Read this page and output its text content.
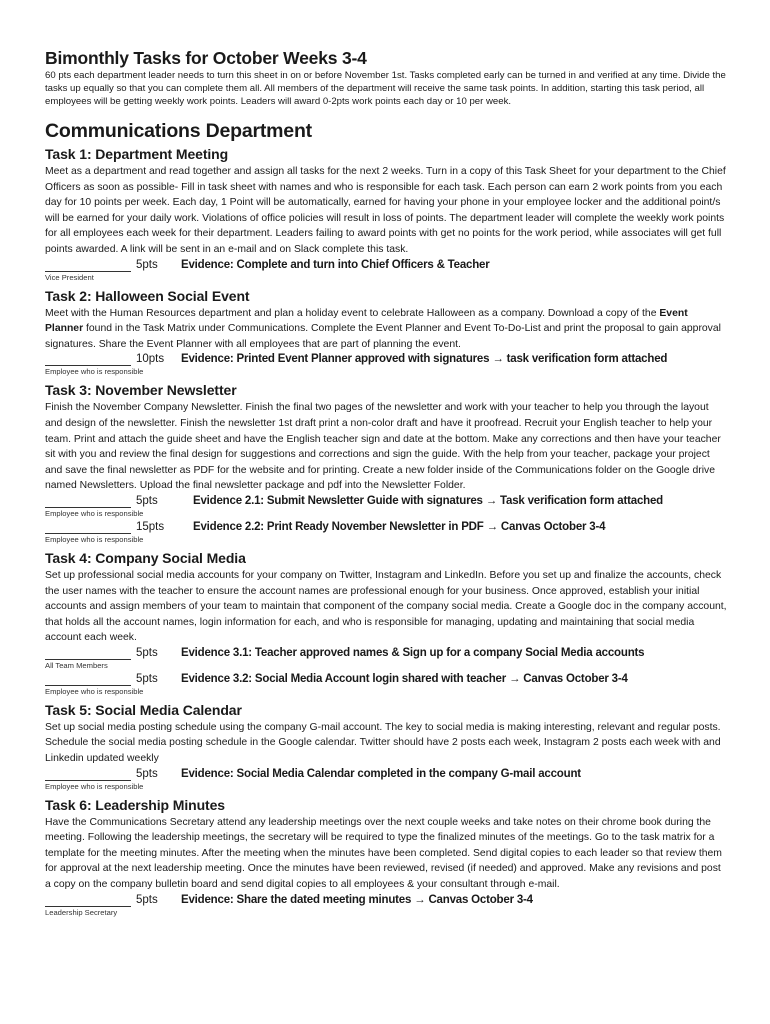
Bimonthly Tasks for October Weeks 3-4

60 pts each department leader needs to turn this sheet in on or before November 1st. Tasks completed early can be turned in and verified at any time. Divide the tasks up equally so that you can complete them all. All members of the department will receive the same task points. In addition, starting this task period, all employees will be getting weekly work points. Leaders will award 0-2pts work points each day or 10 per week.

Communications Department
Task 1: Department Meeting

Meet as a department and read together and assign all tasks for the next 2 weeks. Turn in a copy of this Task Sheet for your department to the Chief Officers as soon as possible- Fill in task sheet with names and who is responsible for each task. Each person can earn 2 work points from you each day for 10 points per week. Each day, 1 Point will be automatically, earned for having your phone in your employee locker and the additional point/s will be earned for your daily work. Violations of office policies will result in loss of points. The department leader will complete the weekly work points for all employees each week for their department. Leaders failing to award points with get no points for the work period, while associates will get full points awarded. A link will be sent in an e-mail and on Slack complete this task.

5pts Evidence: Complete and turn into Chief Officers & Teacher
Vice President
Task 2: Halloween Social Event

Meet with the Human Resources department and plan a holiday event to celebrate Halloween as a company. Download a copy of the Event Planner found in the Task Matrix under Communications. Complete the Event Planner and Event To-Do-List and print the proposal to gain approval signatures. Share the Event Planner with all employees that are part of planning the event.

10pts Evidence: Printed Event Planner approved with signatures → task verification form attached
Employee who is responsible
Task 3: November Newsletter

Finish the November Company Newsletter. Finish the final two pages of the newsletter and work with your teacher to help you through the layout and design of the newsletter. Finish the newsletter 1st draft print a non-color draft and have it proofread. Recruit your English teacher to help your team. Print and attach the guide sheet and have the English teacher sign and date at the bottom. Make any corrections and then have your teacher sit with you and review the final design for suggestions and corrections and sign the guide. With the help from your teacher, package your project and save the final newsletter as PDF for the website and for printing. Create a new folder inside of the Communications folder on the Google drive named Newsletters. Upload the final newsletter package and pdf into the Newsletter Folder.

5pts	Evidence 2.1: Submit Newsletter Guide with signatures → Task verification form attached
Employee who is responsible
15pts	Evidence 2.2: Print Ready November Newsletter in PDF → Canvas October 3-4
Employee who is responsible
Task 4: Company Social Media

Set up professional social media accounts for your company on Twitter, Instagram and LinkedIn. Before you set up and finalize the accounts, check the user names with the teacher to ensure the account names are professional enough for your business. Once approved, establish your initial accounts and assign members of your team to maintain that component of the company social media. Create a Google doc in the company account, that holds all the account names, login information for each, and who is responsible for managing, updating and maintaining that social media account each week.

5pts Evidence 3.1: Teacher approved names & Sign up for a company Social Media accounts
All Team Members
5pts Evidence 3.2: Social Media Account login shared with teacher → Canvas October 3-4
Employee who is responsible
Task 5: Social Media Calendar

Set up social media posting schedule using the company G-mail account. The key to social media is making interesting, relevant and regular posts. Schedule the social media posting schedule in the Google calendar. Twitter should have 2 posts each week, Instagram 2 posts each week with and Linkedin updated weekly

5pts Evidence: Social Media Calendar completed in the company G-mail account
Employee who is responsible
Task 6: Leadership Minutes

Have the Communications Secretary attend any leadership meetings over the next couple weeks and take notes on their chrome book during the meeting. Following the leadership meetings, the secretary will be required to type the finalized minutes of the meetings. Go to the task matrix for a template for the meeting minutes. After the meeting when the minutes have been completed. Send digital copies to each leader so that review them for approval at the next leadership meeting. Once the minutes have been reviewed, revised (if needed) and approved. Make any revisions and post a copy on the company bulletin board and send digital copies to all employees & your consultant through e-mail.

5pts Evidence: Share the dated meeting minutes → Canvas October 3-4
Leadership Secretary
